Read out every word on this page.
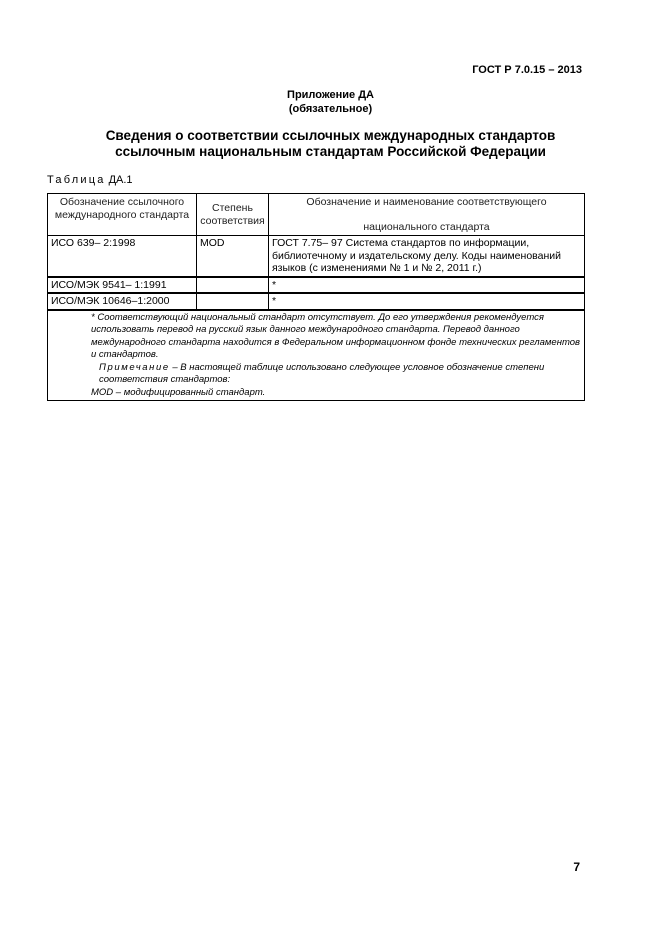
ГОСТ Р 7.0.15 – 2013
Приложение ДА
(обязательное)
Сведения о соответствии ссылочных международных стандартов
ссылочным национальным стандартам Российской Федерации
Таблица ДА.1
Обозначение ссылочного международного стандарта	Степень соответствия	Обозначение и наименование соответствующего
национального стандарта

ИСО 639– 2:1998	MOD	ГОСТ 7.75– 97 Система стандартов по информации, библиотечному и издательскому делу. Коды наименований языков (с изменениями № 1 и № 2, 2011 г.)
ИСО/МЭК 9541– 1:1991		*
ИСО/МЭК 10646–1:2000		*

* Соответствующий национальный стандарт отсутствует. До его утверждения рекомендуется использовать перевод на русский язык данного международного стандарта. Перевод данного международного стандарта находится в Федеральном информационном фонде технических регламентов и стандартов.
Примечание – В настоящей таблице использовано следующее условное обозначение степени соответствия стандартов:
MOD – модифицированный стандарт.		
7
